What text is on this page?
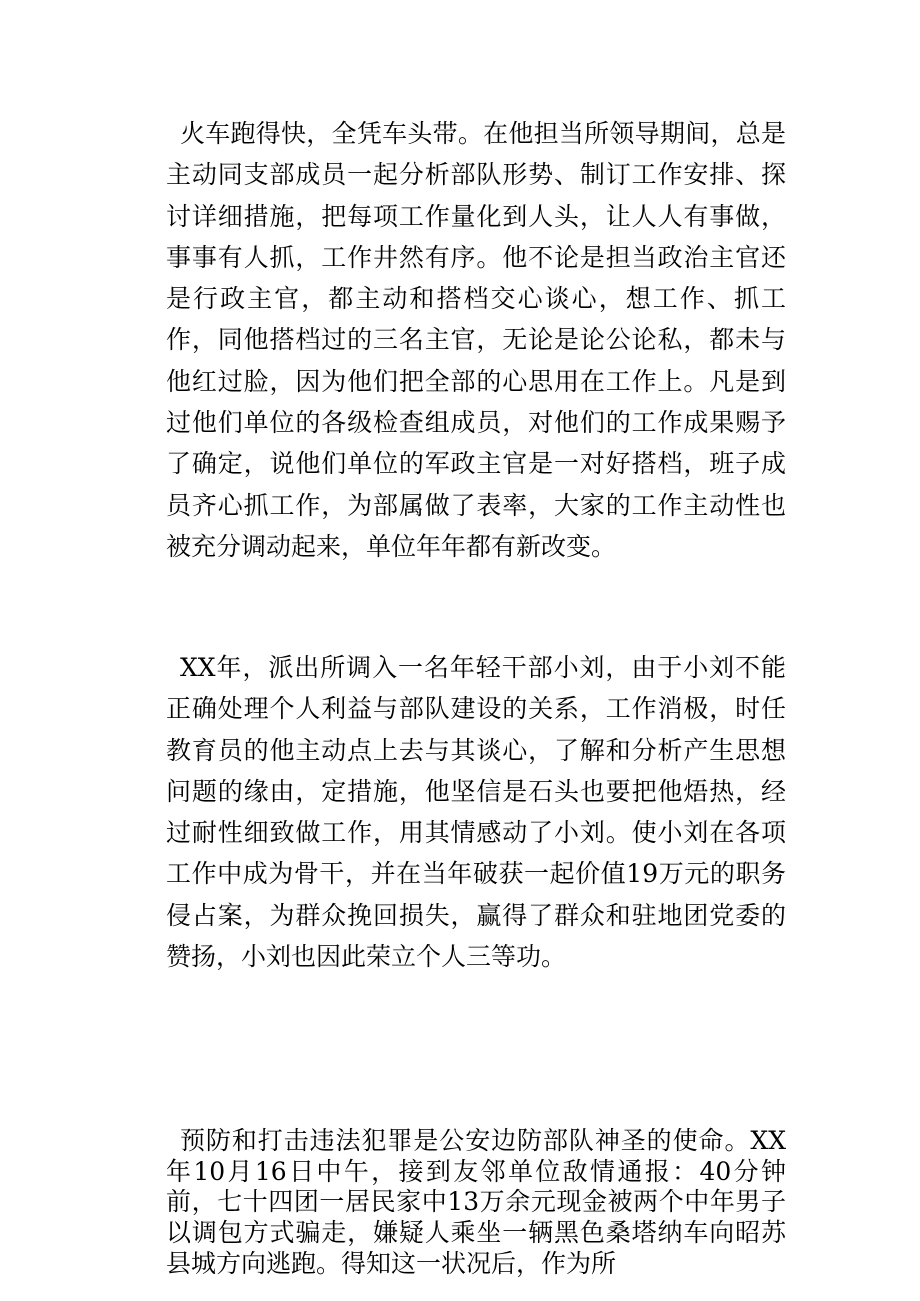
火车跑得快，全凭车头带。在他担当所领导期间，总是主动同支部成员一起分析部队形势、制订工作安排、探讨详细措施，把每项工作量化到人头，让人人有事做，事事有人抓，工作井然有序。他不论是担当政治主官还是行政主官，都主动和搭档交心谈心，想工作、抓工作，同他搭档过的三名主官，无论是论公论私，都未与他红过脸，因为他们把全部的心思用在工作上。凡是到过他们单位的各级检查组成员，对他们的工作成果赐予了确定，说他们单位的军政主官是一对好搭档，班子成员齐心抓工作，为部属做了表率，大家的工作主动性也被充分调动起来，单位年年都有新改变。

XX年，派出所调入一名年轻干部小刘，由于小刘不能正确处理个人利益与部队建设的关系，工作消极，时任教育员的他主动点上去与其谈心，了解和分析产生思想问题的缘由，定措施，他坚信是石头也要把他焐热，经过耐性细致做工作，用其情感动了小刘。使小刘在各项工作中成为骨干，并在当年破获一起价值19万元的职务侵占案，为群众挽回损失，赢得了群众和驻地团党委的赞扬，小刘也因此荣立个人三等功。

预防和打击违法犯罪是公安边防部队神圣的使命。XX年10月16日中午，接到友邻单位敌情通报：40分钟前，七十四团一居民家中13万余元现金被两个中年男子以调包方式骗走，嫌疑人乘坐一辆黑色桑塔纳车向昭苏县城方向逃跑。得知这一状况后，作为所
